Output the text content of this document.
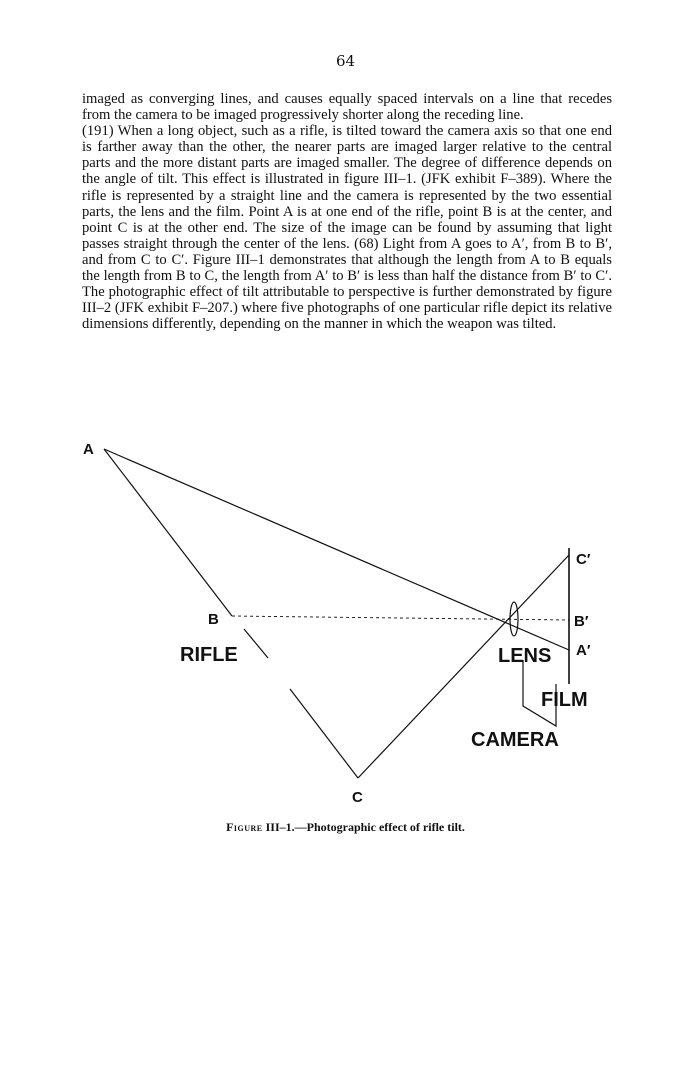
64

imaged as converging lines, and causes equally spaced intervals on a line that recedes from the camera to be imaged progressively shorter along the receding line.

(191) When a long object, such as a rifle, is tilted toward the camera axis so that one end is farther away than the other, the nearer parts are imaged larger relative to the central parts and the more distant parts are imaged smaller. The degree of difference depends on the angle of tilt. This effect is illustrated in figure III–1. (JFK exhibit F–389). Where the rifle is represented by a straight line and the camera is represented by the two essential parts, the lens and the film. Point A is at one end of the rifle, point B is at the center, and point C is at the other end. The size of the image can be found by assuming that light passes straight through the center of the lens. (68) Light from A goes to A′, from B to B′, and from C to C′. Figure III–1 demonstrates that although the length from A to B equals the length from B to C, the length from A′ to B′ is less than half the distance from B′ to C′. The photographic effect of tilt attributable to perspective is further demonstrated by figure III–2 (JFK exhibit F–207.) where five photographs of one particular rifle depict its relative dimensions differently, depending on the manner in which the weapon was tilted.

A
B
C
C′
B′
A′
RIFLE	LENS
FILM
CAMERA
Figure III–1.—Photographic effect of rifle tilt.
